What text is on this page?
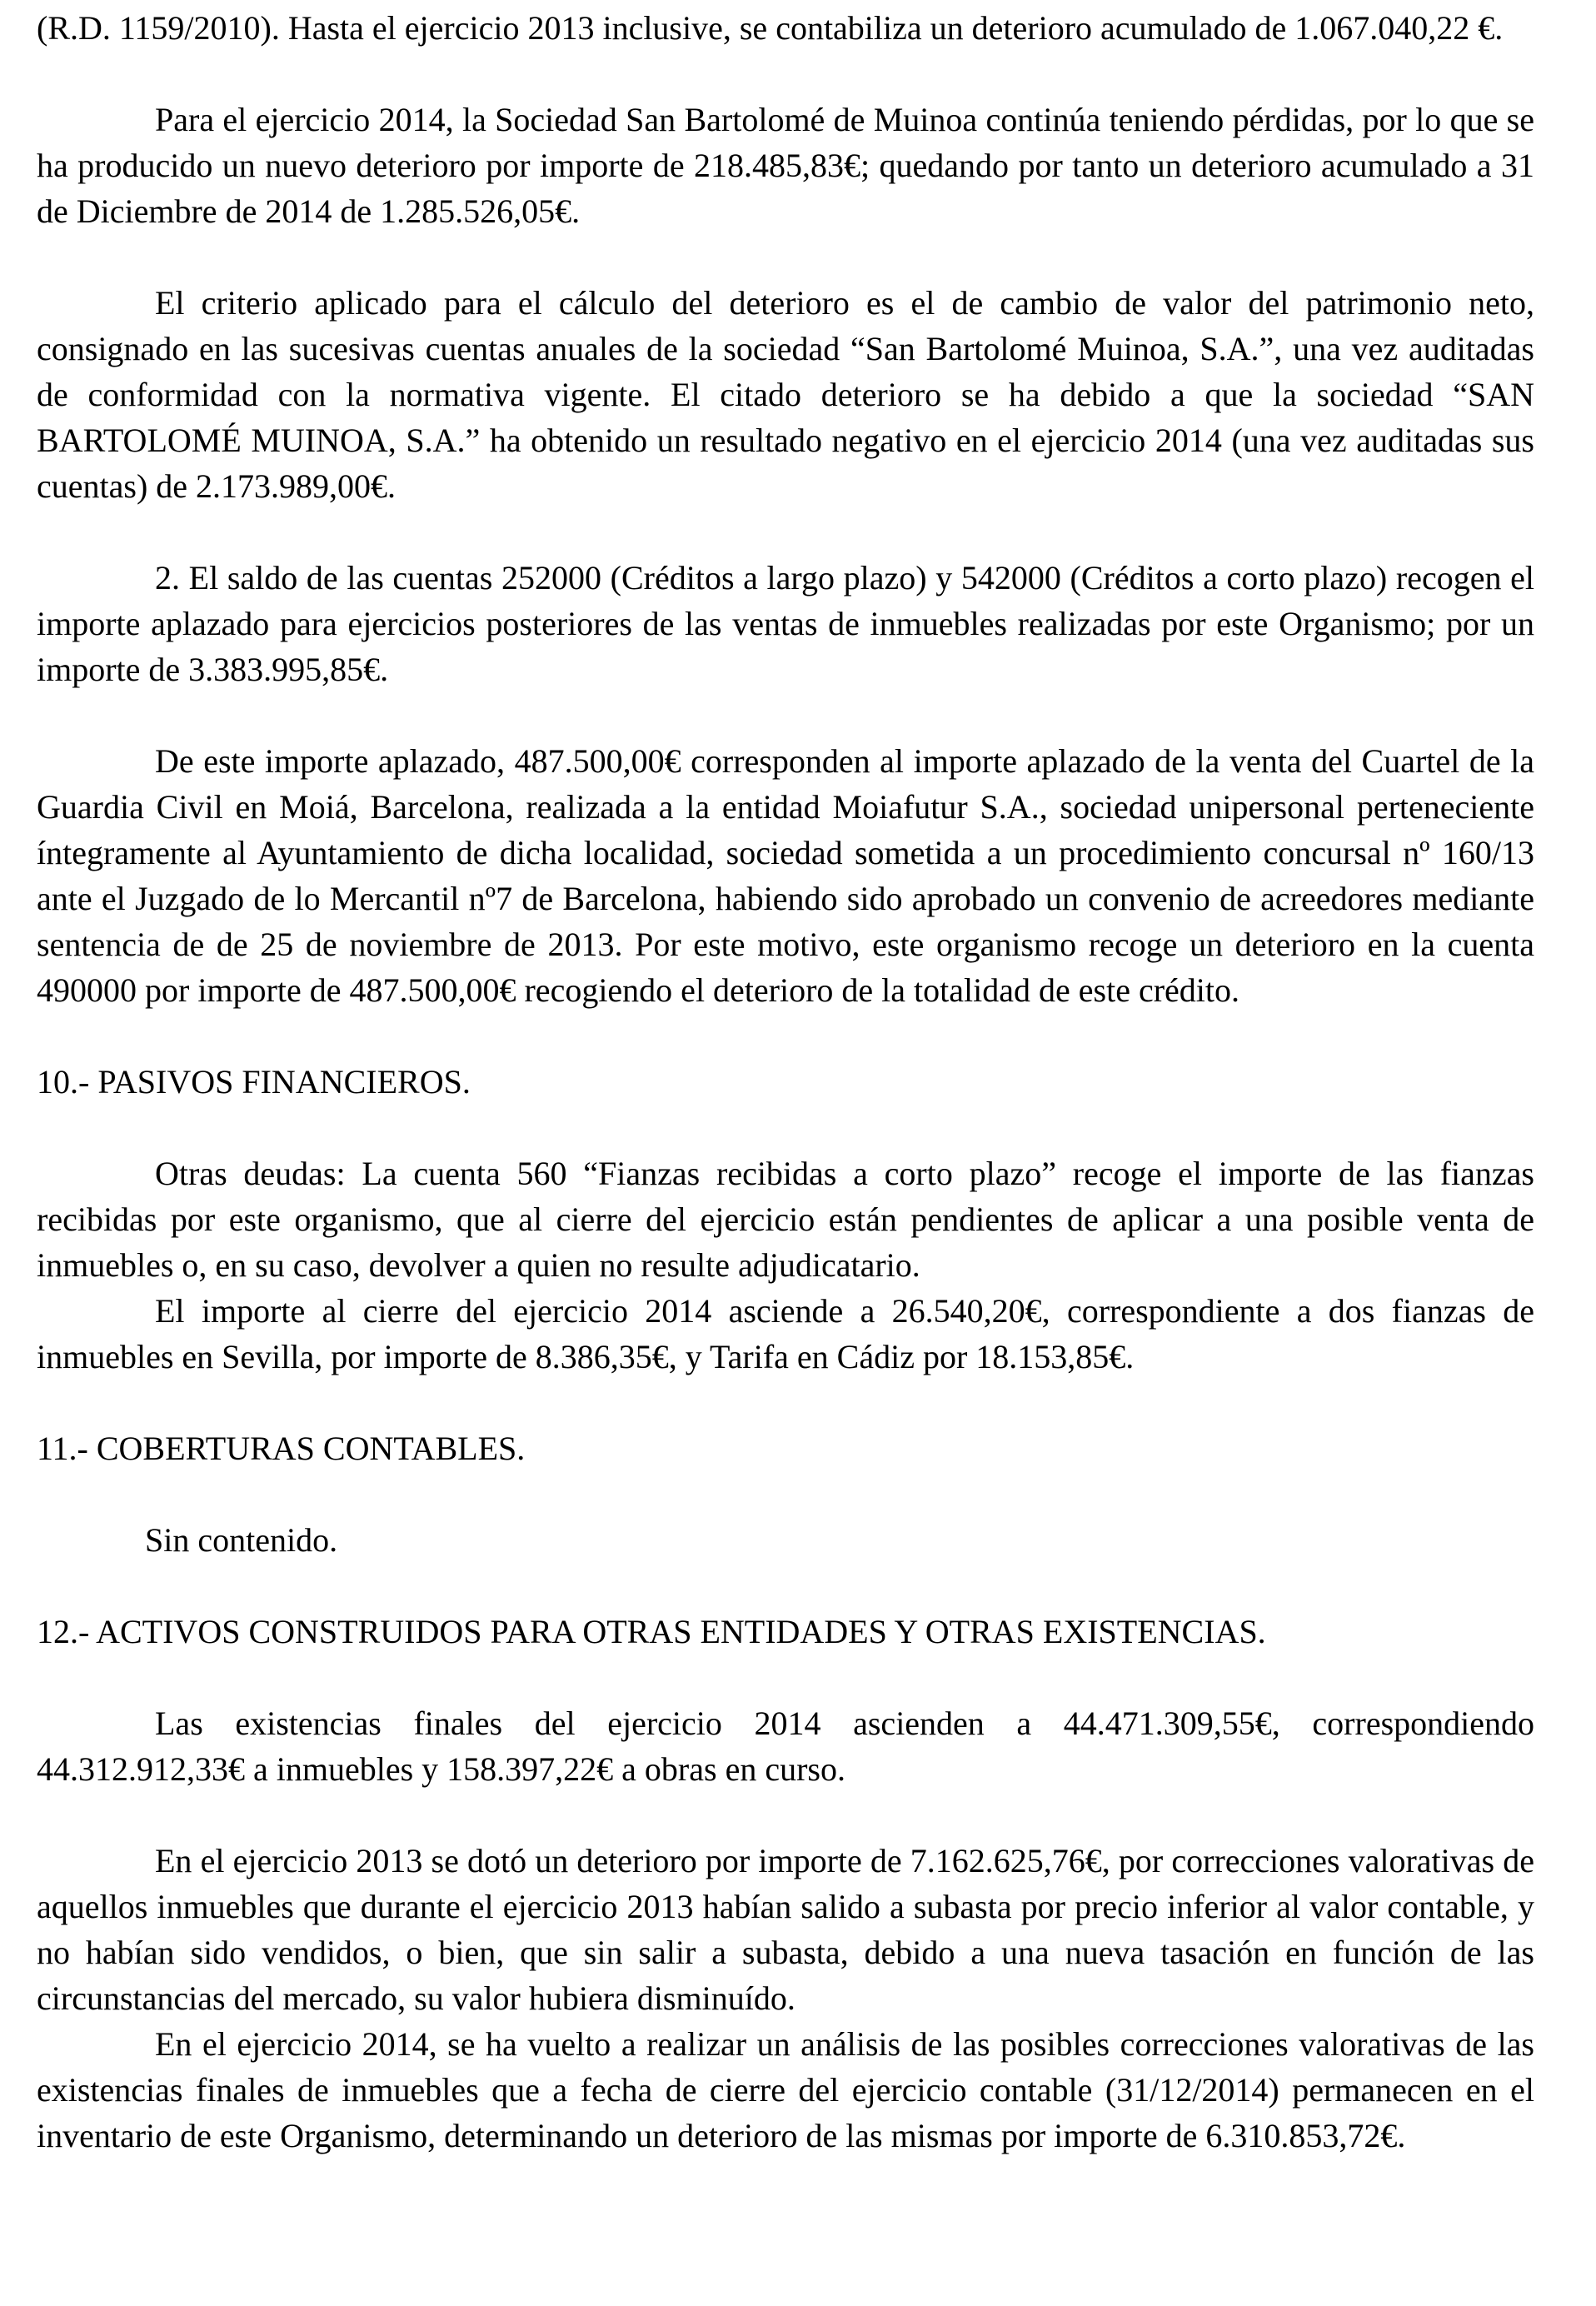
(R.D. 1159/2010). Hasta el ejercicio 2013 inclusive, se contabiliza un deterioro acumulado de 1.067.040,22 €.

Para el ejercicio 2014, la Sociedad San Bartolomé de Muinoa continúa teniendo pérdidas, por lo que se ha producido un nuevo deterioro por importe de 218.485,83€; quedando por tanto un deterioro acumulado a 31 de Diciembre de 2014 de 1.285.526,05€.

El criterio aplicado para el cálculo del deterioro es el de cambio de valor del patrimonio neto, consignado en las sucesivas cuentas anuales de la sociedad “San Bartolomé Muinoa, S.A.”, una vez auditadas de conformidad con la normativa vigente. El citado deterioro se ha debido a que la sociedad “SAN BARTOLOMÉ MUINOA, S.A.” ha obtenido un resultado negativo en el ejercicio 2014 (una vez auditadas sus cuentas) de 2.173.989,00€.

2. El saldo de las cuentas 252000 (Créditos a largo plazo) y 542000 (Créditos a corto plazo) recogen el importe aplazado para ejercicios posteriores de las ventas de inmuebles realizadas por este Organismo; por un importe de 3.383.995,85€.

De este importe aplazado, 487.500,00€ corresponden al importe aplazado de la venta del Cuartel de la Guardia Civil en Moiá, Barcelona, realizada a la entidad Moiafutur S.A., sociedad unipersonal perteneciente íntegramente al Ayuntamiento de dicha localidad, sociedad sometida a un procedimiento concursal nº 160/13 ante el Juzgado de lo Mercantil nº7 de Barcelona, habiendo sido aprobado un convenio de acreedores mediante sentencia de de 25 de noviembre de 2013. Por este motivo, este organismo recoge un deterioro en la cuenta 490000 por importe de 487.500,00€ recogiendo el deterioro de la totalidad de este crédito.

10.- PASIVOS FINANCIEROS.

Otras deudas: La cuenta 560 “Fianzas recibidas a corto plazo” recoge el importe de las fianzas recibidas por este organismo, que al cierre del ejercicio están pendientes de aplicar a una posible venta de inmuebles o, en su caso, devolver a quien no resulte adjudicatario.

El importe al cierre del ejercicio 2014 asciende a 26.540,20€, correspondiente a dos fianzas de inmuebles en Sevilla, por importe de 8.386,35€, y Tarifa en Cádiz por 18.153,85€.

11.- COBERTURAS CONTABLES.

Sin contenido.

12.- ACTIVOS CONSTRUIDOS PARA OTRAS ENTIDADES Y OTRAS EXISTENCIAS.

Las existencias finales del ejercicio 2014 ascienden a 44.471.309,55€, correspondiendo 44.312.912,33€ a inmuebles y 158.397,22€ a obras en curso.

En el ejercicio 2013 se dotó un deterioro por importe de 7.162.625,76€, por correcciones valorativas de aquellos inmuebles que durante el ejercicio 2013 habían salido a subasta por precio inferior al valor contable, y no habían sido vendidos, o bien, que sin salir a subasta, debido a una nueva tasación en función de las circunstancias del mercado, su valor hubiera disminuído.

En el ejercicio 2014, se ha vuelto a realizar un análisis de las posibles correcciones valorativas de las existencias finales de inmuebles que a fecha de cierre del ejercicio contable (31/12/2014) permanecen en el inventario de este Organismo, determinando un deterioro de las mismas por importe de 6.310.853,72€.
